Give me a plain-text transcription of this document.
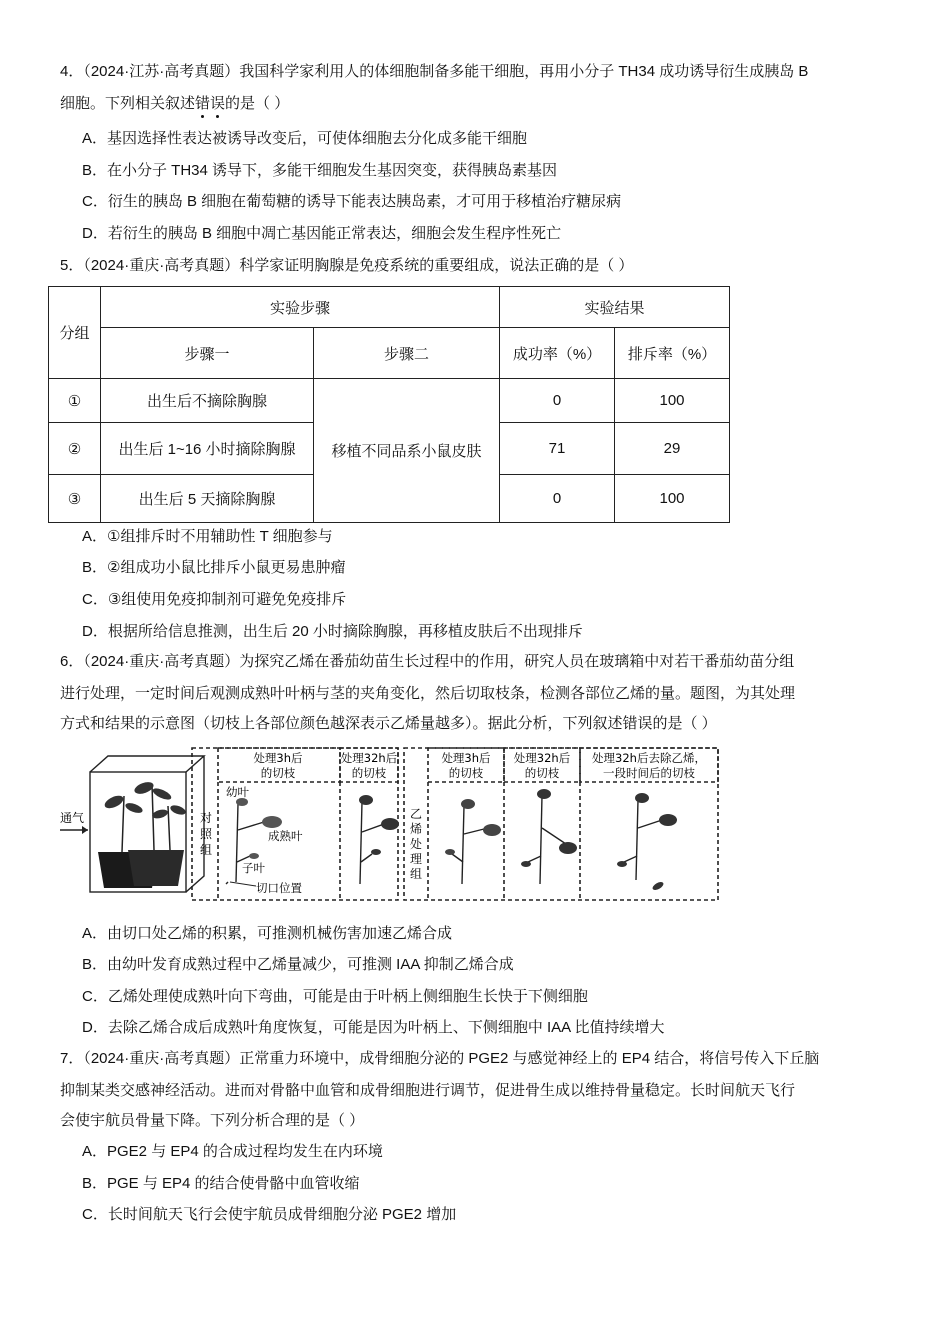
4．（2024·江苏·高考真题）我国科学家利用人的体细胞制备多能干细胞，再用小分子 TH34 成功诱导衍生成胰岛 B
细胞。下列相关叙述错误的是（ ）
A．基因选择性表达被诱导改变后，可使体细胞去分化成多能干细胞
B．在小分子 TH34 诱导下，多能干细胞发生基因突变，获得胰岛素基因
C．衍生的胰岛 B 细胞在葡萄糖的诱导下能表达胰岛素，才可用于移植治疗糖尿病
D．若衍生的胰岛 B 细胞中凋亡基因能正常表达，细胞会发生程序性死亡
5．（2024·重庆·高考真题）科学家证明胸腺是免疫系统的重要组成，说法正确的是（ ）
分组	实验步骤		实验结果	
	步骤一	步骤二	成功率（%）	排斥率（%）
①	出生后不摘除胸腺	移植不同品系小鼠皮肤	0	100
②	出生后 1~16 小时摘除胸腺		71	29
③	出生后 5 天摘除胸腺		0	100
A．①组排斥时不用辅助性 T 细胞参与
B．②组成功小鼠比排斥小鼠更易患肿瘤
C．③组使用免疫抑制剂可避免免疫排斥
D．根据所给信息推测，出生后 20 小时摘除胸腺，再移植皮肤后不出现排斥
6．（2024·重庆·高考真题）为探究乙烯在番茄幼苗生长过程中的作用，研究人员在玻璃箱中对若干番茄幼苗分组
进行处理，一定时间后观测成熟叶叶柄与茎的夹角变化，然后切取枝条，检测各部位乙烯的量。题图，为其处理
方式和结果的示意图（切枝上各部位颜色越深表示乙烯量越多）。据此分析，下列叙述错误的是（ ）
通气	对
照
组
处理3h后
的切枝
处理32h后
的切枝
幼叶
成熟叶
子叶
切口位置
乙
烯
处
理
组
处理3h后
的切枝
处理32h后
的切枝
处理32h后去除乙烯，
一段时间后的切枝
A．由切口处乙烯的积累，可推测机械伤害加速乙烯合成
B．由幼叶发育成熟过程中乙烯量减少，可推测 IAA 抑制乙烯合成
C．乙烯处理使成熟叶向下弯曲，可能是由于叶柄上侧细胞生长快于下侧细胞
D．去除乙烯合成后成熟叶角度恢复，可能是因为叶柄上、下侧细胞中 IAA 比值持续增大
7．（2024·重庆·高考真题）正常重力环境中，成骨细胞分泌的 PGE2 与感觉神经上的 EP4 结合，将信号传入下丘脑
抑制某类交感神经活动。进而对骨骼中血管和成骨细胞进行调节，促进骨生成以维持骨量稳定。长时间航天飞行
会使宇航员骨量下降。下列分析合理的是（ ）
A．PGE2 与 EP4 的合成过程均发生在内环境
B．PGE 与 EP4 的结合使骨骼中血管收缩
C．长时间航天飞行会使宇航员成骨细胞分泌 PGE2 增加
